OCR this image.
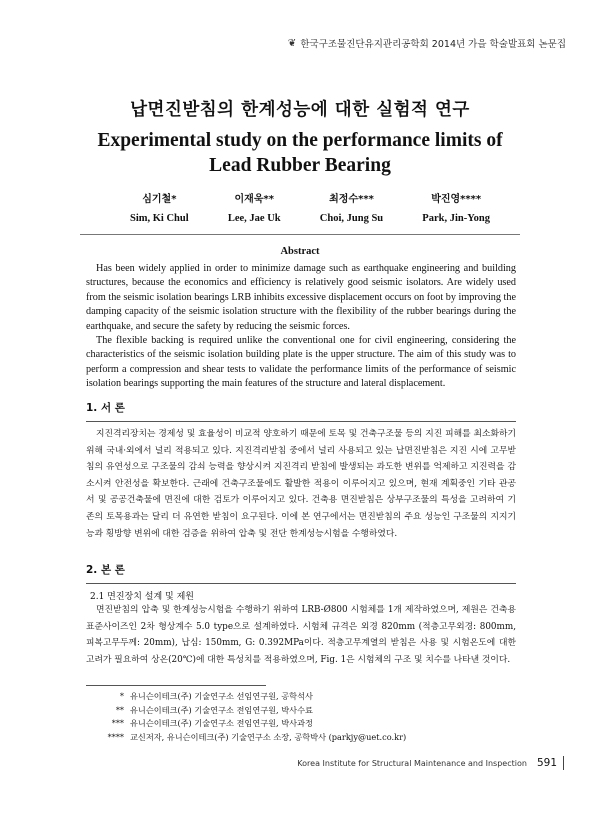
❦ 한국구조물진단유지관리공학회 2014년 가을 학술발표회 논문집
납면진받침의 한계성능에 대한 실험적 연구
Experimental study on the performance limits of
Lead Rubber Bearing
심기철*
Sim, Ki Chul
이재욱**
Lee, Jae Uk
최정수***
Choi, Jung Su
박진영****
Park, Jin-Yong
Abstract

Has been widely applied in order to minimize damage such as earthquake engineering and building structures, because the economics and efficiency is relatively good seismic isolators. Are widely used from the seismic isolation bearings LRB inhibits excessive displacement occurs on foot by improving the damping capacity of the seismic isolation structure with the flexibility of the rubber bearings during the earthquake, and secure the safety by reducing the seismic forces.

The flexible backing is required unlike the conventional one for civil engineering, considering the characteristics of the seismic isolation building plate is the upper structure. The aim of this study was to perform a compression and shear tests to validate the performance limits of the performance of seismic isolation bearings supporting the main features of the structure and lateral displacement.

1. 서 론

지진격리장치는 경제성 및 효율성이 비교적 양호하기 때문에 토목 및 건축구조물 등의 지진 피해를 최소화하기 위해 국내·외에서 널리 적용되고 있다. 지진격리받침 중에서 널리 사용되고 있는 납면진받침은 지진 시에 고무받침의 유연성으로 구조물의 감쇠 능력을 향상시켜 지진격리 받침에 발생되는 과도한 변위를 억제하고 지진력을 감소시켜 안전성을 확보한다. 근래에 건축구조물에도 활발한 적용이 이루어지고 있으며, 현재 계획중인 기타 관공서 및 공공건축물에 면진에 대한 검토가 이루어지고 있다. 건축용 면진받침은 상부구조물의 특성을 고려하여 기존의 토목용과는 달리 더 유연한 받침이 요구된다. 이에 본 연구에서는 면진받침의 주요 성능인 구조물의 지지기능과 횡방향 변위에 대한 검증을 위하여 압축 및 전단 한계성능시험을 수행하였다.

2. 본 론
2.1 면진장치 설계 및 제원

면진받침의 압축 및 한계성능시험을 수행하기 위하여 LRB-Ø800 시험체를 1개 제작하였으며, 제원은 건축용 표준사이즈인 2차 형상계수 5.0 type으로 설계하였다. 시험체 규격은 외경 820mm (적층고무외경: 800mm, 피복고무두께: 20mm), 납심: 150mm, G: 0.392MPa이다. 적층고무계열의 받침은 사용 및 시험온도에 대한 고려가 필요하여 상온(20℃)에 대한 특성치를 적용하였으며, Fig. 1은 시험체의 구조 및 치수를 나타낸 것이다.

* 유니슨이테크(주) 기술연구소 선임연구원, 공학석사
** 유니슨이테크(주) 기술연구소 전임연구원, 박사수료
*** 유니슨이테크(주) 기술연구소 전임연구원, 박사과정
**** 교신저자, 유니슨이테크(주) 기술연구소 소장, 공학박사 (parkjy@uet.co.kr)
Korea Institute for Structural Maintenance and Inspection 591
